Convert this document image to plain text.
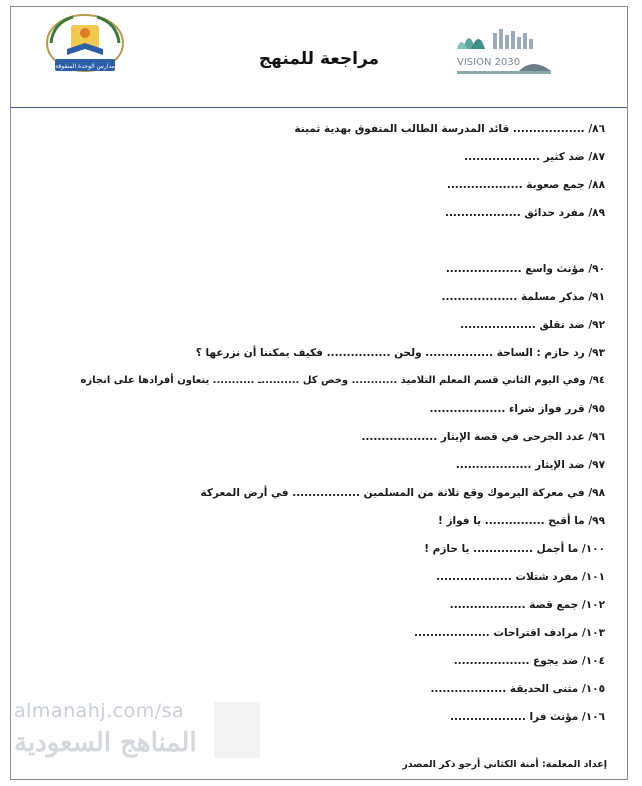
مدارس الوحدة المتفوقة	مراجعة للمنهج	VISION 2030
٨٦/ .................. قائد المدرسة الطالب المتفوق بهدية ثمينة
٨٧/ ضد كثير ...................
٨٨/ جمع صعوبة ...................
٨٩/ مفرد حدائق ...................
٩٠/ مؤنث واسع ...................
٩١/ مذكر مسلمة ...................
٩٢/ ضد تقلق ...................
٩٣/ رد حازم : الساحة ................. ولحن ................ فكيف يمكننا أن نزرعها ؟
٩٤/ وفي اليوم الثاني قسم المعلم التلاميذ ............ وخص كل ..........ـ ........... يتعاون أفرادها على انجازه
٩٥/ قرر فواز شراء ...................
٩٦/ عدد الجرحى في قصة الإيثار ...................
٩٧/ ضد الإيثار ...................
٩٨/ في معركة اليرموك وقع ثلاثة من المسلمين ................. في أرض المعركة
٩٩/ ما أقبح ............... يا فواز !
١٠٠/ ما أجمل ............... يا حازم !
١٠١/ مفرد شتلات ...................
١٠٢/ جمع قصة ...................
١٠٣/ مرادف اقتراحات ...................
١٠٤/ ضد يجوع ...................
١٠٥/ مثنى الحديقة ...................
١٠٦/ مؤنث فرا ...................
إعداد المعلمة: أمنة الكثاني أرجو ذكر المصدر
almanahj.com/sa
المناهج السعودية
